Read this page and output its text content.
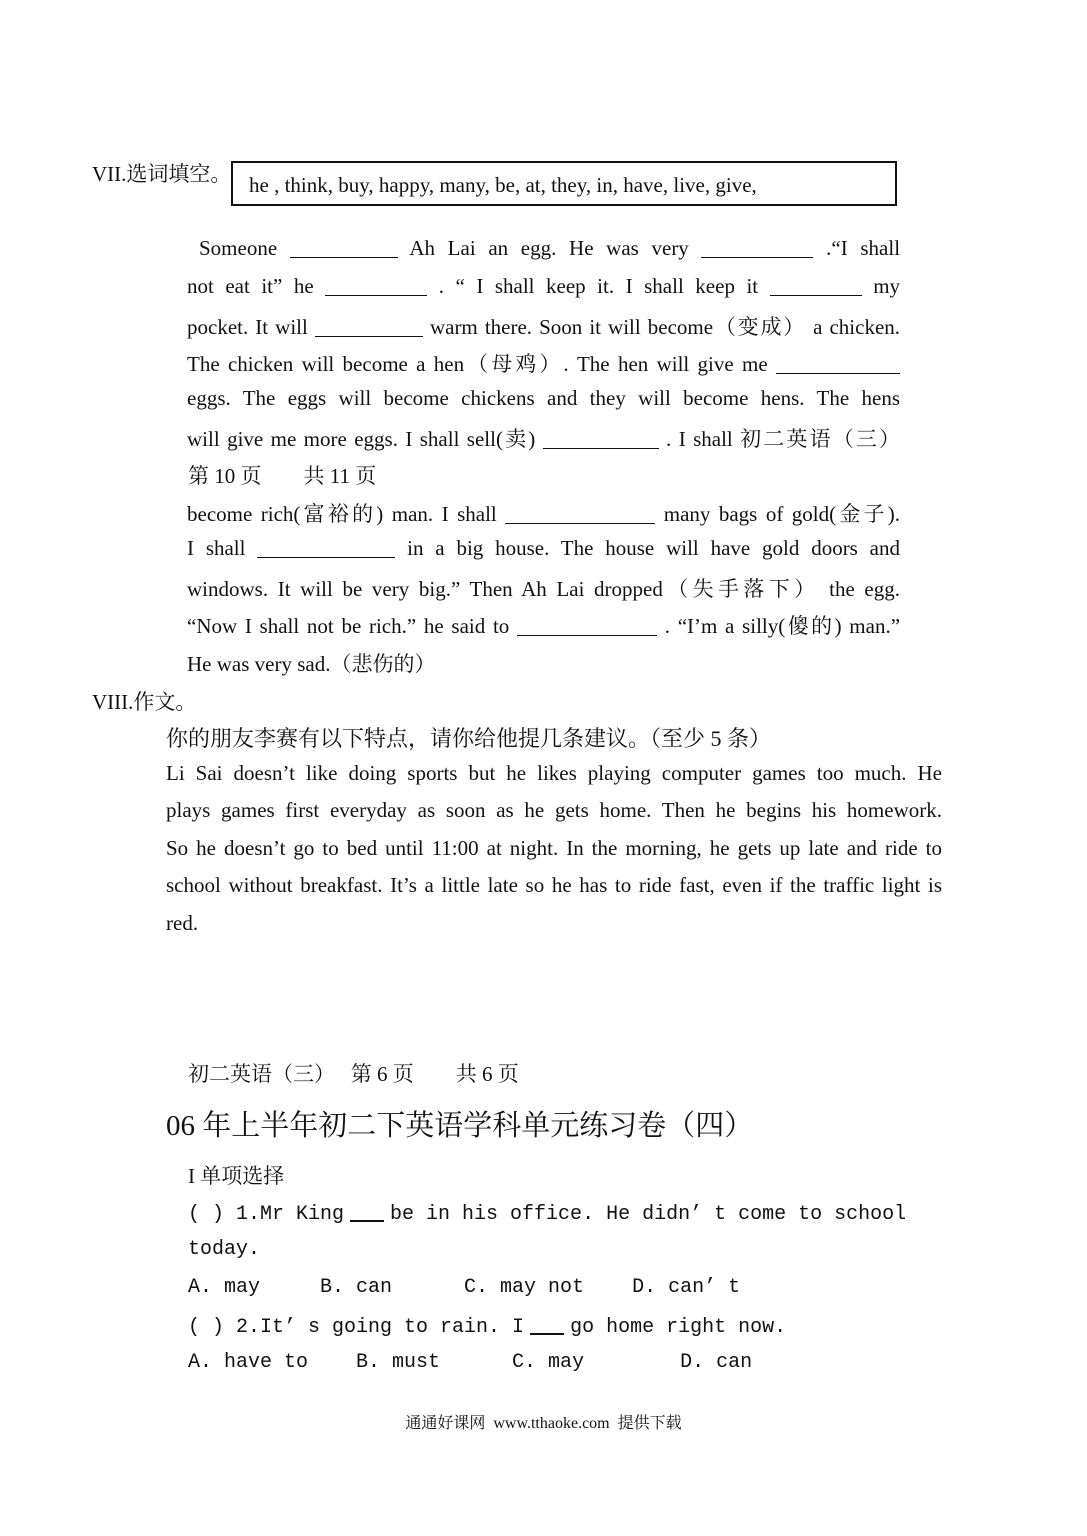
VII.选词填空。 he , think, buy, happy, many, be, at, they, in, have, live, give,
Someone	Ah Lai an egg. He was very	.“I shall
not eat it” he	. “ I shall keep it. I shall keep it	my
pocket. It will	warm there. Soon it will become（变成） a chicken.
The chicken will become a hen（母鸡）. The hen will give me
eggs. The eggs will become chickens and they will become hens. The hens
will give me more eggs. I shall sell(卖)	. I shall 初二英语（三）
第 10 页        共 11 页
become rich(富裕的) man. I shall	many bags of gold(金子).
I shall	in a big house. The house will have gold doors and
windows. It will be very big.” Then Ah Lai dropped（失手落下） the egg.
“Now I shall not be rich.” he said to	. “I’m a silly(傻的) man.”
He was very sad.（悲伤的）
VIII.作文。
你的朋友李赛有以下特点，请你给他提几条建议。（至少 5 条）
Li Sai doesn’t like doing sports but he likes playing computer games too much. He
plays games first everyday as soon as he gets home. Then he begins his homework.
So he doesn’t go to bed until 11:00 at night. In the morning, he gets up late and ride to
school without breakfast. It’s a little late so he has to ride fast, even if the traffic light is
red.
初二英语（三）   第 6 页        共 6 页
06 年上半年初二下英语学科单元练习卷（四）
I 单项选择
( ) 1.Mr King be in his office. He didn’ t come to school
today.
A. may     B. can      C. may not    D. can’ t
( ) 2.It’ s going to rain. I go home right now.
A. have to    B. must      C. may        D. can
通通好课网  www.tthaoke.com  提供下载
